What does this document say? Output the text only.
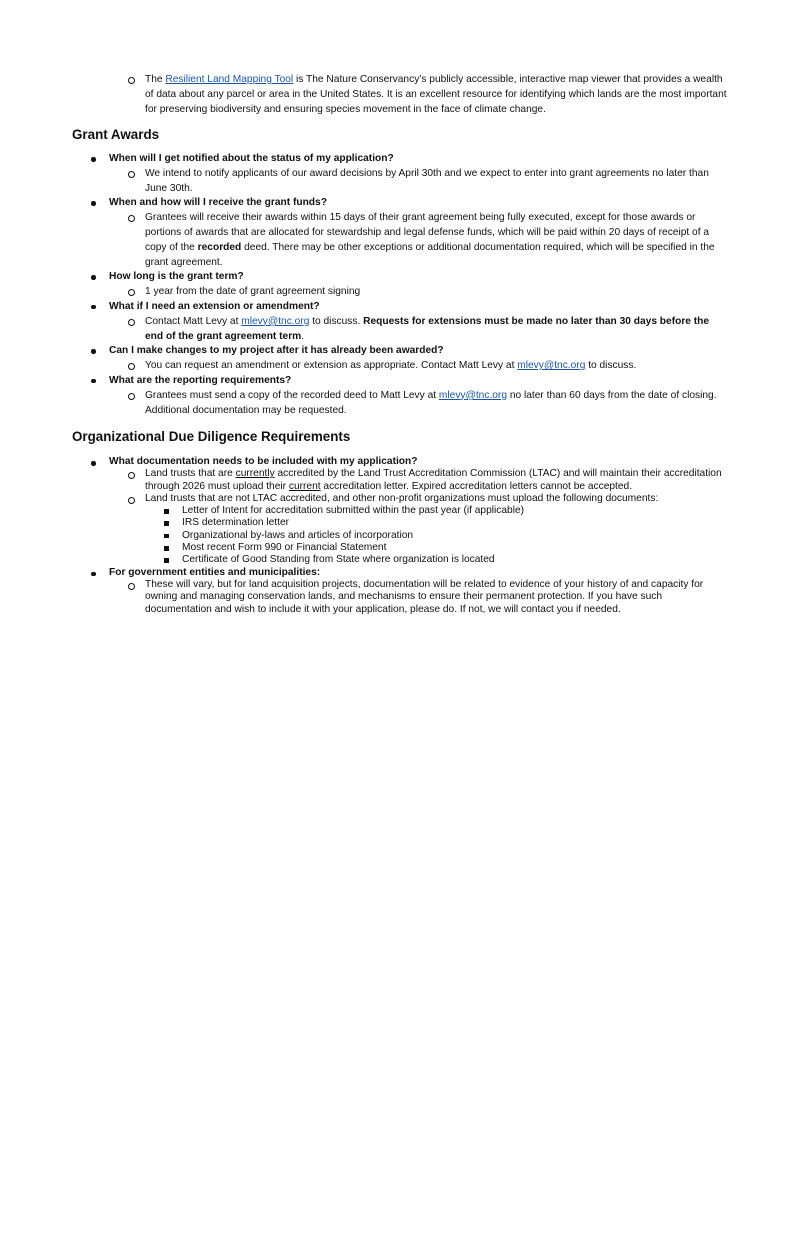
The Resilient Land Mapping Tool is The Nature Conservancy’s publicly accessible, interactive map viewer that provides a wealth of data about any parcel or area in the United States. It is an excellent resource for identifying which lands are the most important for preserving biodiversity and ensuring species movement in the face of climate change.
Grant Awards
When will I get notified about the status of my application?
We intend to notify applicants of our award decisions by April 30th and we expect to enter into grant agreements no later than June 30th.
When and how will I receive the grant funds?
Grantees will receive their awards within 15 days of their grant agreement being fully executed, except for those awards or portions of awards that are allocated for stewardship and legal defense funds, which will be paid within 20 days of receipt of a copy of the recorded deed. There may be other exceptions or additional documentation required, which will be specified in the grant agreement.
How long is the grant term?
1 year from the date of grant agreement signing
What if I need an extension or amendment?
Contact Matt Levy at mlevy@tnc.org to discuss. Requests for extensions must be made no later than 30 days before the end of the grant agreement term.
Can I make changes to my project after it has already been awarded?
You can request an amendment or extension as appropriate. Contact Matt Levy at mlevy@tnc.org to discuss.
What are the reporting requirements?
Grantees must send a copy of the recorded deed to Matt Levy at mlevy@tnc.org no later than 60 days from the date of closing. Additional documentation may be requested.
Organizational Due Diligence Requirements
What documentation needs to be included with my application?
Land trusts that are currently accredited by the Land Trust Accreditation Commission (LTAC) and will maintain their accreditation through 2026 must upload their current accreditation letter. Expired accreditation letters cannot be accepted.
Land trusts that are not LTAC accredited, and other non-profit organizations must upload the following documents:
Letter of Intent for accreditation submitted within the past year (if applicable)
IRS determination letter
Organizational by-laws and articles of incorporation
Most recent Form 990 or Financial Statement
Certificate of Good Standing from State where organization is located
For government entities and municipalities:
These will vary, but for land acquisition projects, documentation will be related to evidence of your history of and capacity for owning and managing conservation lands, and mechanisms to ensure their permanent protection. If you have such documentation and wish to include it with your application, please do. If not, we will contact you if needed.
